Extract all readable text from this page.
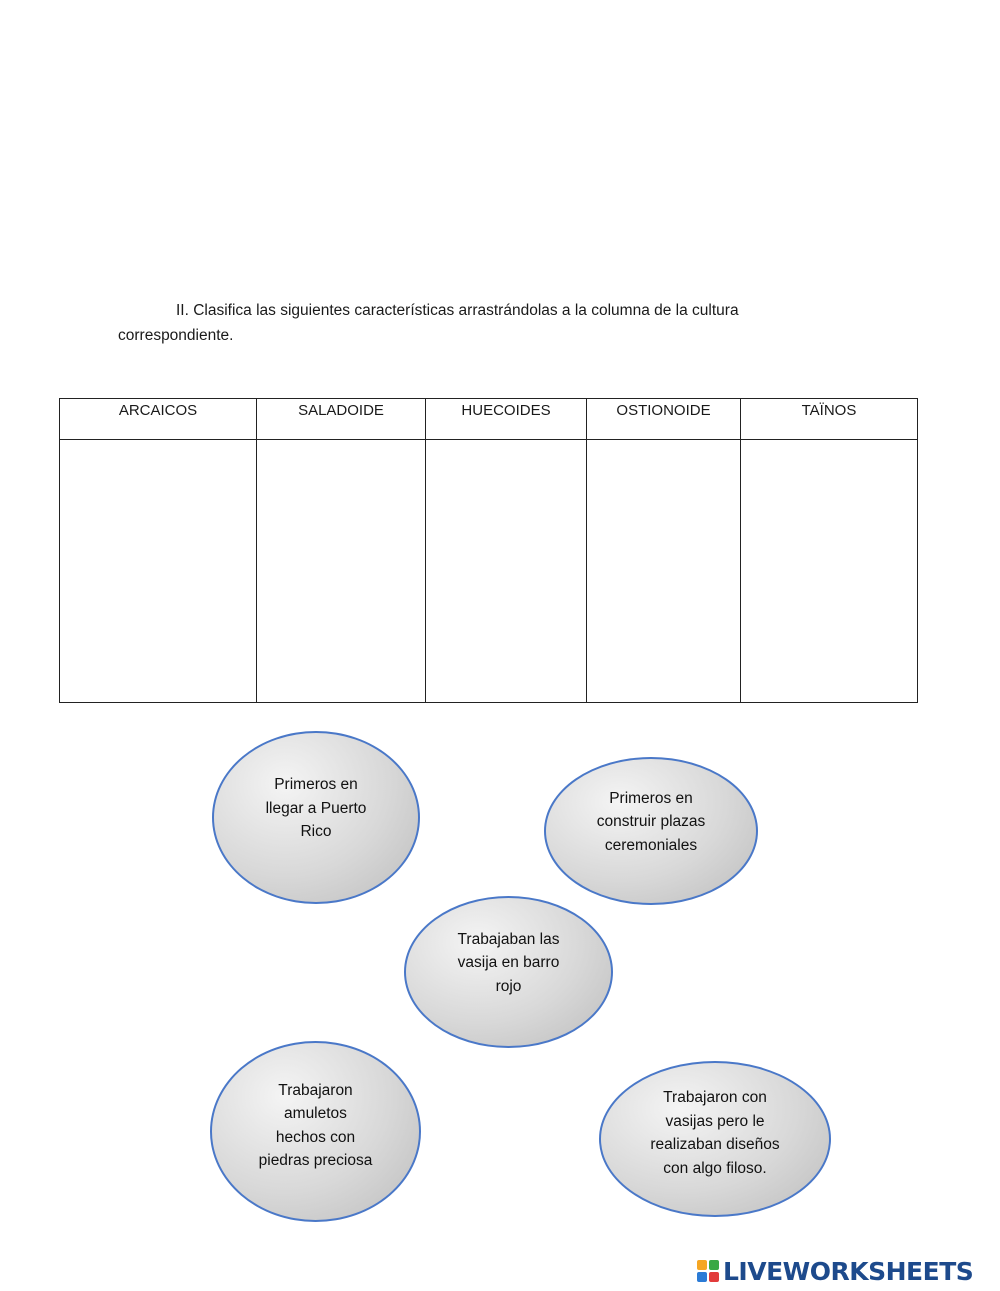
II. Clasifica las siguientes características arrastrándolas a la columna de la cultura
correspondiente.
ARCAICOS	SALADOIDE	HUECOIDES	OSTIONOIDE	TAÏNOS

Primeros en
llegar a Puerto
Rico
Primeros en
construir plazas
ceremoniales
Trabajaban las
vasija en barro
rojo
Trabajaron
amuletos
hechos con
piedras preciosa
Trabajaron con
vasijas pero le
realizaban diseños
con algo filoso.
LIVEWORKSHEETS
